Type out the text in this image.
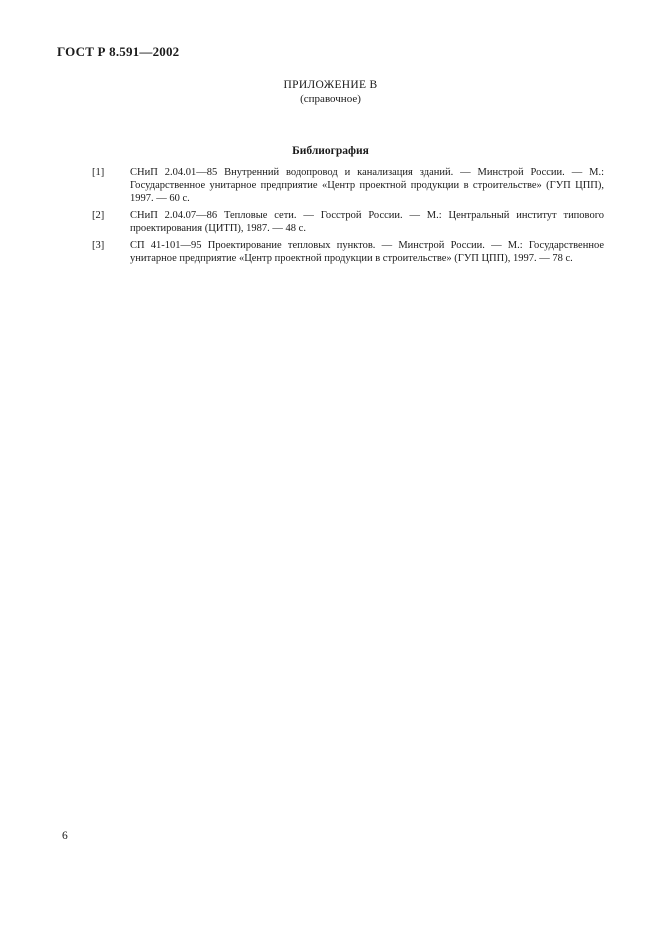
ГОСТ Р 8.591—2002
ПРИЛОЖЕНИЕ В
(справочное)
Библиография
[1] СНиП 2.04.01—85 Внутренний водопровод и канализация зданий. — Минстрой России. — М.: Государственное унитарное предприятие «Центр проектной продукции в строительстве» (ГУП ЦПП), 1997. — 60 с.
[2] СНиП 2.04.07—86 Тепловые сети. — Госстрой России. — М.: Центральный институт типового проектирования (ЦИТП), 1987. — 48 с.
[3] СП 41-101—95 Проектирование тепловых пунктов. — Минстрой России. — М.: Государственное унитарное предприятие «Центр проектной продукции в строительстве» (ГУП ЦПП), 1997. — 78 с.
6
